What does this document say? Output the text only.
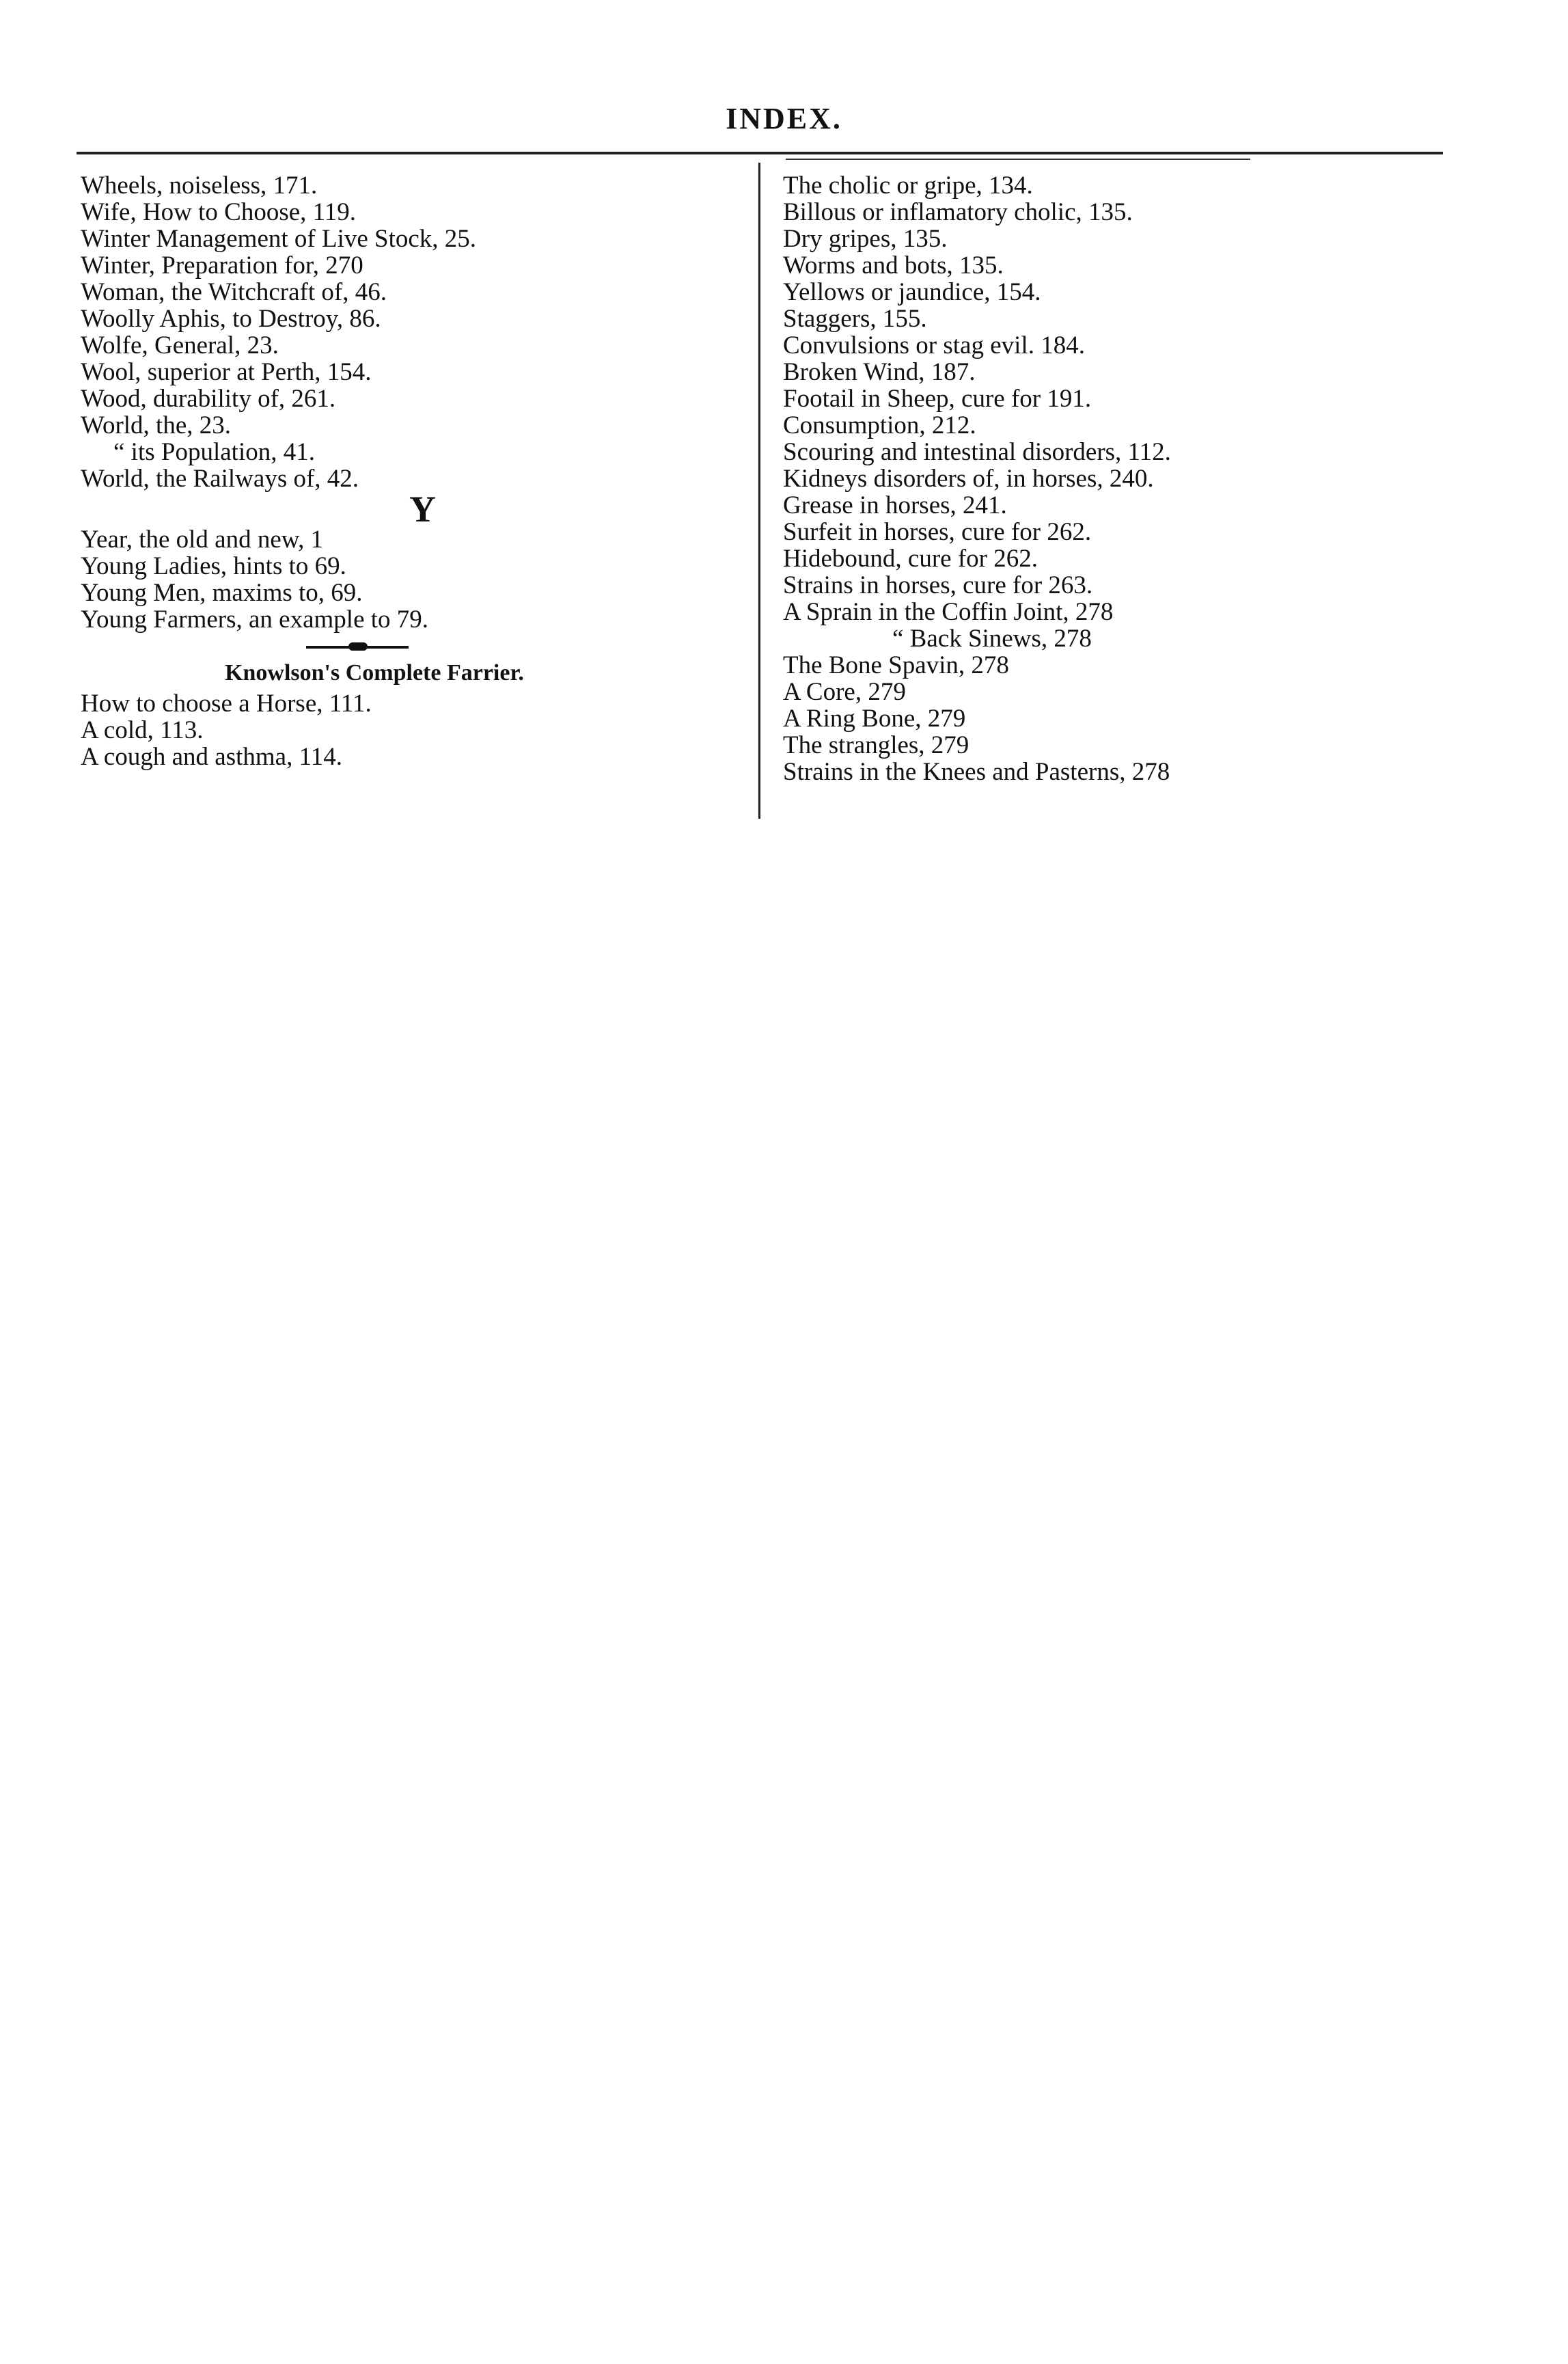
INDEX.
Wheels, noiseless, 171.
Wife, How to Choose, 119.
Winter Management of Live Stock, 25.
Winter, Preparation for, 270
Woman, the Witchcraft of, 46.
Woolly Aphis, to Destroy, 86.
Wolfe, General, 23.
Wool, superior at Perth, 154.
Wood, durability of, 261.
World, the, 23.
“ its Population, 41.
World, the Railways of, 42.
Y
Year, the old and new, 1
Young Ladies, hints to 69.
Young Men, maxims to, 69.
Young Farmers, an example to 79.
Knowlson's Complete Farrier.
How to choose a Horse, 111.
A cold, 113.
A cough and asthma, 114.
The cholic or gripe, 134.
Billous or inflamatory cholic, 135.
Dry gripes, 135.
Worms and bots, 135.
Yellows or jaundice, 154.
Staggers, 155.
Convulsions or stag evil. 184.
Broken Wind, 187.
Footail in Sheep, cure for 191.
Consumption, 212.
Scouring and intestinal disorders, 112.
Kidneys disorders of, in horses, 240.
Grease in horses, 241.
Surfeit in horses, cure for 262.
Hidebound, cure for 262.
Strains in horses, cure for 263.
A Sprain in the Coffin Joint, 278
“ Back Sinews, 278
The Bone Spavin, 278
A Core, 279
A Ring Bone, 279
The strangles, 279
Strains in the Knees and Pasterns, 278
